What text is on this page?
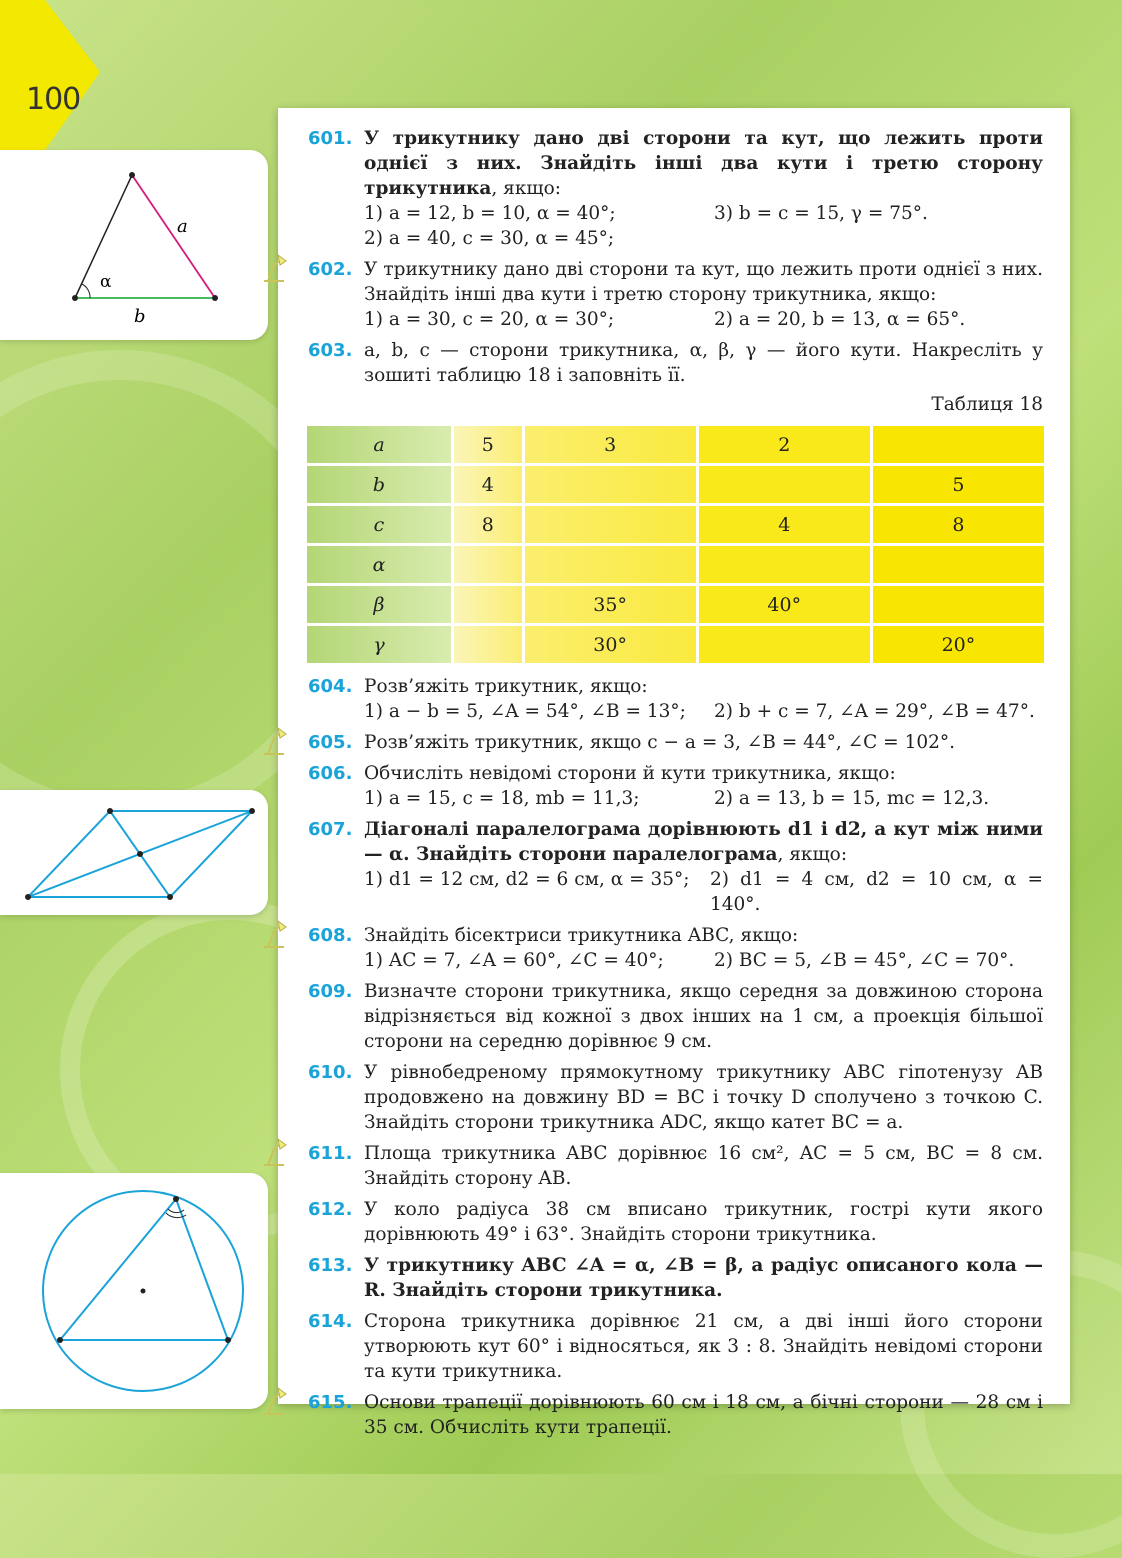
100
α
a
b
601. У трикутнику дано дві сторони та кут, що лежить проти однієї з них. Знайдіть інші два кути і третю сторону трикутника, якщо:
1) a = 12, b = 10, α = 40°;	3) b = c = 15, γ = 75°.
2) a = 40, c = 30, α = 45°;
602. У трикутнику дано дві сторони та кут, що лежить проти однієї з них. Знайдіть інші два кути і третю сторону трикутника, якщо:
1) a = 30, c = 20, α = 30°;	2) a = 20, b = 13, α = 65°.
603. a, b, c — сторони трикутника, α, β, γ — його кути. Накресліть у зошиті таблицю 18 і заповніть її.
Таблиця 18
a	5	3	2	
b	4			5
c	8		4	8
α				
β		35°	40°	
γ		30°		20°
604. Розв’яжіть трикутник, якщо:
1) a − b = 5, ∠A = 54°, ∠B = 13°;	2) b + c = 7, ∠A = 29°, ∠B = 47°.
605. Розв’яжіть трикутник, якщо c − a = 3, ∠B = 44°, ∠C = 102°.
606. Обчисліть невідомі сторони й кути трикутника, якщо:
1) a = 15, c = 18, mb = 11,3;	2) a = 13, b = 15, mc = 12,3.
607. Діагоналі паралелограма дорівнюють d1 і d2, а кут між ними — α. Знайдіть сторони паралелограма, якщо:
1) d1 = 12 см, d2 = 6 см, α = 35°;	2) d1 = 4 см, d2 = 10 см, α = 140°.
608. Знайдіть бісектриси трикутника ABC, якщо:
1) AC = 7, ∠A = 60°, ∠C = 40°;	2) BC = 5, ∠B = 45°, ∠C = 70°.
609. Визначте сторони трикутника, якщо середня за довжиною сторона відрізняється від кожної з двох інших на 1 см, а проекція більшої сторони на середню дорівнює 9 см.
610. У рівнобедреному прямокутному трикутнику ABC гіпотенузу AB продовжено на довжину BD = BC і точку D сполучено з точкою C. Знайдіть сторони трикутника ADC, якщо катет BC = a.
611. Площа трикутника ABC дорівнює 16 см², AC = 5 см, BC = 8 см. Знайдіть сторону AB.
612. У коло радіуса 38 см вписано трикутник, гострі кути якого дорівнюють 49° і 63°. Знайдіть сторони трикутника.
613. У трикутнику ABC ∠A = α, ∠B = β, а радіус описаного кола — R. Знайдіть сторони трикутника.
614. Сторона трикутника дорівнює 21 см, а дві інші його сторони утворюють кут 60° і відносяться, як 3 : 8. Знайдіть невідомі сторони та кути трикутника.
615. Основи трапеції дорівнюють 60 см і 18 см, а бічні сторони — 28 см і 35 см. Обчисліть кути трапеції.
